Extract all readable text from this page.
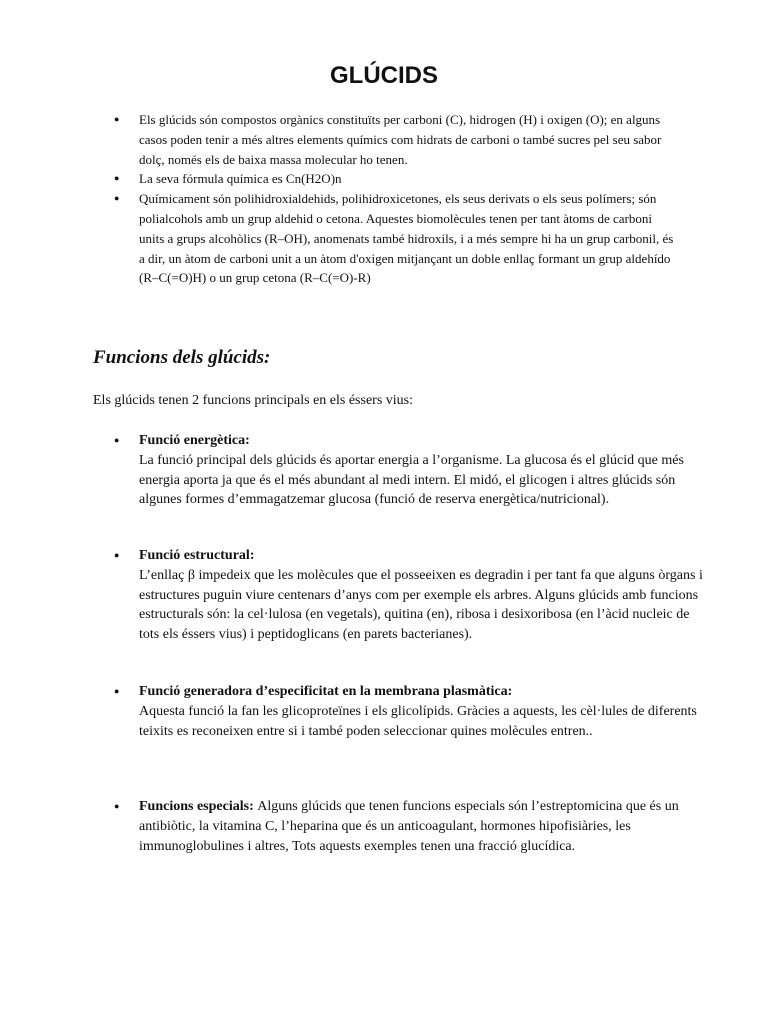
GLÚCIDS
● Els glúcids són compostos orgànics constituïts per carboni (C), hidrogen (H) i oxigen (O); en alguns casos poden tenir a més altres elements químics com hidrats de carboni o també sucres pel seu sabor dolç, només els de baixa massa molecular ho tenen.
● La seva fórmula química es Cn(H2O)n
● Químicament són polihidroxialdehids, polihidroxicetones, els seus derivats o els seus polímers; són polialcohols amb un grup aldehid o cetona. Aquestes biomolècules tenen per tant àtoms de carboni units a grups alcohòlics (R–OH), anomenats també hidroxils, i a més sempre hi ha un grup carbonil, és a dir, un àtom de carboni unit a un àtom d'oxigen mitjançant un doble enllaç formant un grup aldehído (R–C(=O)H) o un grup cetona (R–C(=O)-R)
Funcions dels glúcids:

Els glúcids tenen 2 funcions principals en els éssers vius:

● Funció energètica:
La funció principal dels glúcids és aportar energia a l’organisme. La glucosa és el glúcid que més energia aporta ja que és el més abundant al medi intern. El midó, el glicogen i altres glúcids són algunes formes d’emmagatzemar glucosa (funció de reserva energètica/nutricional).
● Funció estructural:
L’enllaç β impedeix que les molècules que el posseeixen es degradin i per tant fa que alguns òrgans i estructures puguin viure centenars d’anys com per exemple els arbres. Alguns glúcids amb funcions estructurals són: la cel·lulosa (en vegetals), quitina (en), ribosa i desixoribosa (en l’àcid nucleic de tots els éssers vius) i peptidoglicans (en parets bacterianes).
● Funció generadora d’especificitat en la membrana plasmàtica:
Aquesta funció la fan les glicoproteïnes i els glicolípids. Gràcies a aquests, les cèl·lules de diferents teixits es reconeixen entre si i també poden seleccionar quines molècules entren..
● Funcions especials: Alguns glúcids que tenen funcions especials són l’estreptomicina que és un antibiòtic, la vitamina C, l’heparina que és un anticoagulant, hormones hipofisiàries, les immunoglobulines i altres, Tots aquests exemples tenen una fracció glucídica.
